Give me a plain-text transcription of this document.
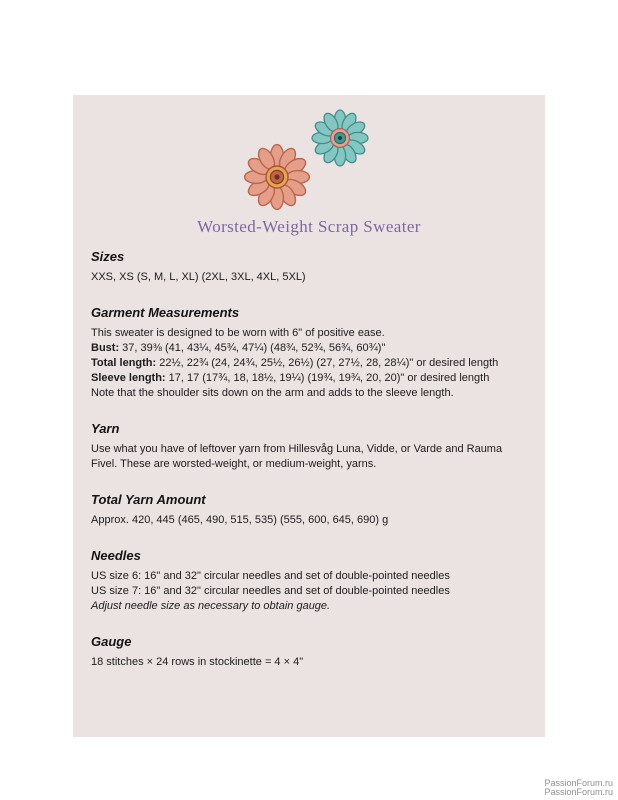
Worsted-Weight Scrap Sweater
Sizes

XXS, XS (S, M, L, XL) (2XL, 3XL, 4XL, 5XL)

Garment Measurements

This sweater is designed to be worn with 6" of positive ease.

Bust: 37, 39⅜ (41, 43¼, 45¾, 47¼) (48¾, 52¾, 56¾, 60¾)"

Total length: 22½, 22¾ (24, 24¾, 25½, 26½) (27, 27½, 28, 28¼)" or desired length

Sleeve length: 17, 17 (17¾, 18, 18½, 19¼) (19¾, 19¾, 20, 20)" or desired length

Note that the shoulder sits down on the arm and adds to the sleeve length.

Yarn

Use what you have of leftover yarn from Hillesvåg Luna, Vidde, or Varde and Rauma Fivel. These are worsted-weight, or medium-weight, yarns.

Total Yarn Amount

Approx. 420, 445 (465, 490, 515, 535) (555, 600, 645, 690) g

Needles

US size 6: 16" and 32" circular needles and set of double-pointed needles

US size 7: 16" and 32" circular needles and set of double-pointed needles

Adjust needle size as necessary to obtain gauge.

Gauge

18 stitches × 24 rows in stockinette = 4 × 4"

PassionForum.ru
PassionForum.ru
